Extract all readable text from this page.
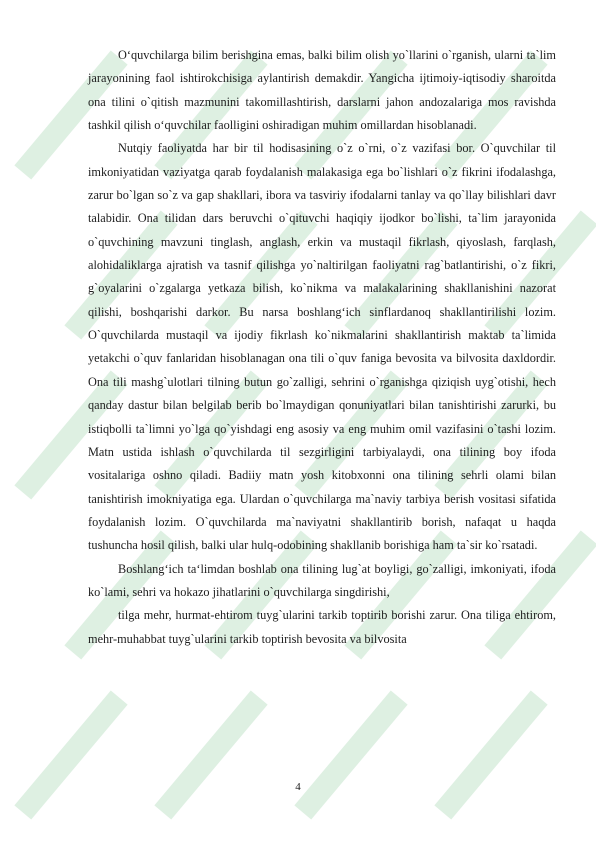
O‘quvchilarga bilim berishgina emas, balki bilim olish yo`llarini o`rganish, ularni ta`lim jarayonining faol ishtirokchisiga aylantirish demakdir. Yangicha ijtimoiy-iqtisodiy sharoitda ona tilini o`qitish mazmunini takomillashtirish, darslarni jahon andozalariga mos ravishda tashkil qilish o‘quvchilar faolligini oshiradigan muhim omillardan hisoblanadi.

Nutqiy faoliyatda har bir til hodisasining o`z o`rni, o`z vazifasi bor. O`quvchilar til imkoniyatidan vaziyatga qarab foydalanish malakasiga ega bo`lishlari o`z fikrini ifodalashga, zarur bo`lgan so`z va gap shakllari, ibora va tasviriy ifodalarni tanlay va qo`llay bilishlari davr talabidir. Ona tilidan dars beruvchi o`qituvchi haqiqiy ijodkor bo`lishi, ta`lim jarayonida o`quvchining mavzuni tinglash, anglash, erkin va mustaqil fikrlash, qiyoslash, farqlash, alohidaliklarga ajratish va tasnif qilishga yo`naltirilgan faoliyatni rag`batlantirishi, o`z fikri, g`oyalarini o`zgalarga yetkaza bilish, ko`nikma va malakalarining shakllanishini nazorat qilishi, boshqarishi darkor. Bu narsa boshlang‘ich sinflardanoq shakllantirilishi lozim. O`quvchilarda mustaqil va ijodiy fikrlash ko`nikmalarini shakllantirish maktab ta`limida yetakchi o`quv fanlaridan hisoblanagan ona tili o`quv faniga bevosita va bilvosita daxldordir. Ona tili mashg`ulotlari tilning butun go`zalligi, sehrini o`rganishga qiziqish uyg`otishi, hech qanday dastur bilan belgilab berib bo`lmaydigan qonuniyatlari bilan tanishtirishi zarurki, bu istiqbolli ta`limni yo`lga qo`yishdagi eng asosiy va eng muhim omil vazifasini o`tashi lozim. Matn ustida ishlash o`quvchilarda til sezgirligini tarbiyalaydi, ona tilining boy ifoda vositalariga oshno qiladi. Badiiy matn yosh kitobxonni ona tilining sehrli olami bilan tanishtirish imokniyatiga ega. Ulardan o`quvchilarga ma`naviy tarbiya berish vositasi sifatida foydalanish lozim. O`quvchilarda ma`naviyatni shakllantirib borish, nafaqat u haqda tushuncha hosil qilish, balki ular hulq-odobining shakllanib borishiga ham ta`sir ko`rsatadi.

Boshlang‘ich ta‘limdan boshlab ona tilining lug`at boyligi, go`zalligi, imkoniyati, ifoda ko`lami, sehri va hokazo jihatlarini o`quvchilarga singdirishi,

tilga mehr, hurmat-ehtirom tuyg`ularini tarkib toptirib borishi zarur. Ona tiliga ehtirom, mehr-muhabbat tuyg`ularini tarkib toptirish bevosita va bilvosita

4
